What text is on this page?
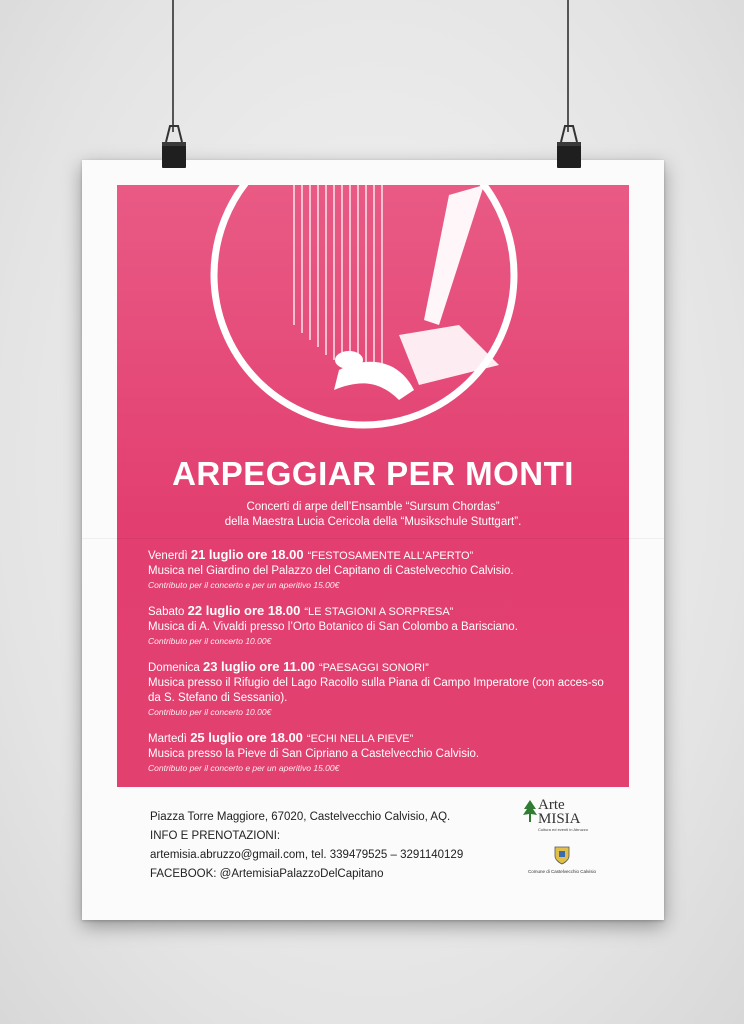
ARPEGGIAR PER MONTI
Concerti di arpe dell’Ensamble “Sursum Chordas”
della Maestra Lucia Cericola della “Musikschule Stuttgart”.
Venerdì 21 luglio ore 18.00 “FESTOSAMENTE ALL’APERTO”
Musica nel Giardino del Palazzo del Capitano di Castelvecchio Calvisio.
Contributo per il concerto e per un aperitivo 15.00€
Sabato 22 luglio ore 18.00 “LE STAGIONI A SORPRESA”
Musica di A. Vivaldi presso l’Orto Botanico di San Colombo a Barisciano.
Contributo per il concerto 10.00€
Domenica 23 luglio ore 11.00 “PAESAGGI SONORI”
Musica presso il Rifugio del Lago Racollo sulla Piana di Campo Imperatore (con acces-so da S. Stefano di Sessanio).
Contributo per il concerto 10.00€
Martedì 25 luglio ore 18.00 “ECHI NELLA PIEVE”
Musica presso la Pieve di San Cipriano a Castelvecchio Calvisio.
Contributo per il concerto e per un aperitivo 15.00€
Piazza Torre Maggiore, 67020, Castelvecchio Calvisio, AQ.
INFO E PRENOTAZIONI:
artemisia.abruzzo@gmail.com, tel. 339479525 – 3291140129
FACEBOOK: @ArtemisiaPalazzoDelCapitano
Arte
MISIA
Cultura ed eventi in Abruzzo
Comune di Castelvecchio Calvisio
